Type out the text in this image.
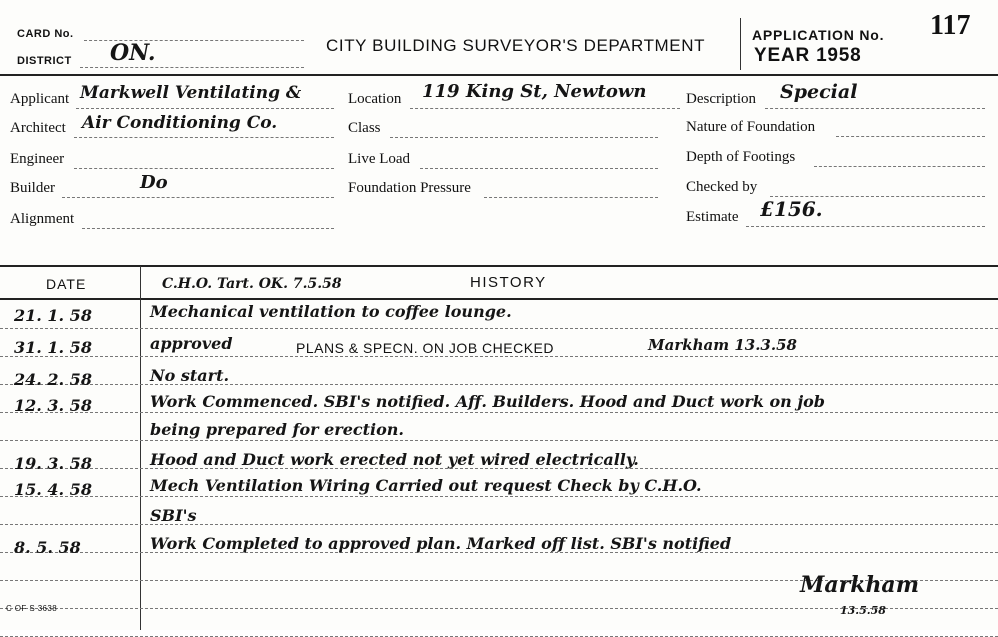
CARD No.
DISTRICT ON.	CITY BUILDING SURVEYOR'S DEPARTMENT
APPLICATION No. 117
YEAR 1958
Applicant Markwell Ventilating &
Architect Air Conditioning Co.
Engineer
Builder	Do
Alignment
Location 119 King St, Newtown
Class
Live Load
Foundation Pressure
Description Special
Nature of Foundation
Depth of Footings
Checked by
Estimate £156.
DATE	HISTORY
C.H.O. Tart. OK. 7.5.58
21. 1. 58	Mechanical ventilation to coffee lounge.
31. 1. 58	approved	PLANS & SPECN. ON JOB CHECKED	Markham 13.3.58
24. 2. 58	No start.
12. 3. 58	Work Commenced. SBI's notified. Aff. Builders. Hood and Duct work on job
being prepared for erection.
19. 3. 58	Hood and Duct work erected not yet wired electrically.
15. 4. 58	Mech Ventilation Wiring Carried out request Check by C.H.O.
SBI's
8. 5. 58	Work Completed to approved plan. Marked off list. SBI's notified
Markham
13.5.58
C OF S 3638
